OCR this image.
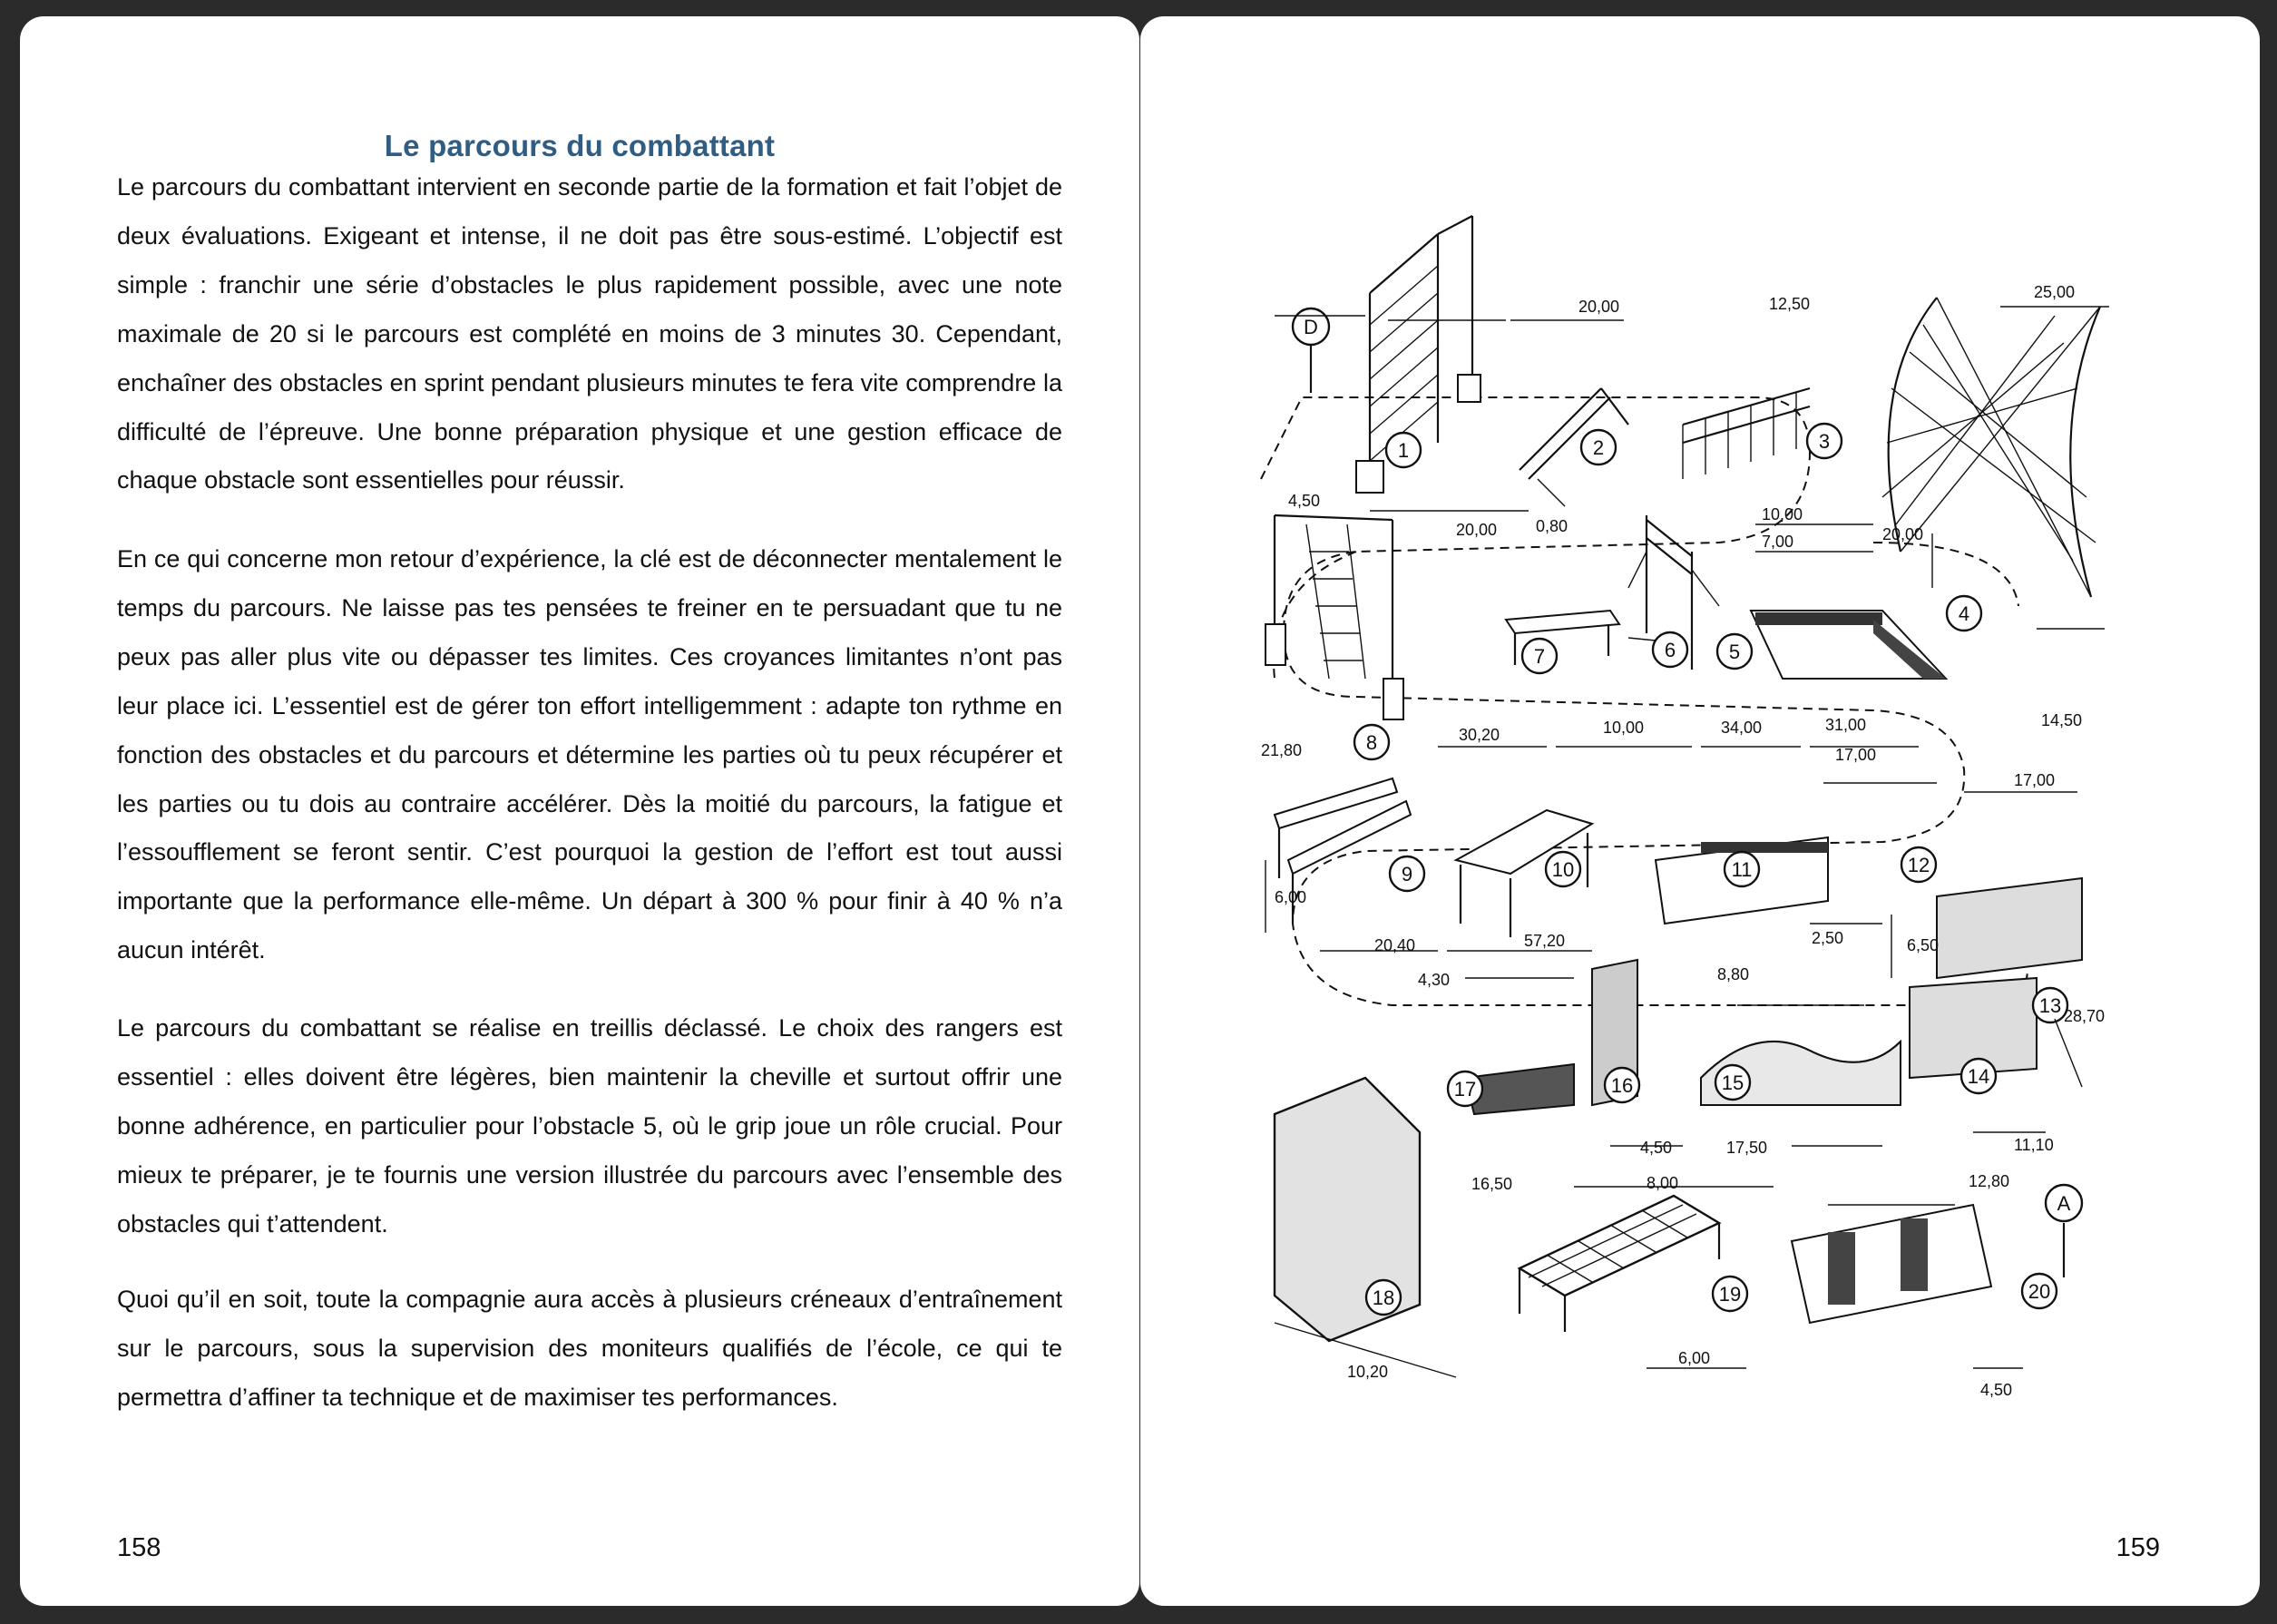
Le parcours du combattant

Le parcours du combattant intervient en seconde partie de la formation et fait l’objet de deux évaluations. Exigeant et intense, il ne doit pas être sous-estimé. L’objectif est simple : franchir une série d’obstacles le plus rapidement possible, avec une note maximale de 20 si le parcours est complété en moins de 3 minutes 30. Cependant, enchaîner des obstacles en sprint pendant plusieurs minutes te fera vite comprendre la difficulté de l’épreuve. Une bonne préparation physique et une gestion efficace de chaque obstacle sont essentielles pour réussir.

En ce qui concerne mon retour d’expérience, la clé est de déconnecter mentalement le temps du parcours. Ne laisse pas tes pensées te freiner en te persuadant que tu ne peux pas aller plus vite ou dépasser tes limites. Ces croyances limitantes n’ont pas leur place ici. L’essentiel est de gérer ton effort intelligemment : adapte ton rythme en fonction des obstacles et du parcours et détermine les parties où tu peux récupérer et les parties ou tu dois au contraire accélérer. Dès la moitié du parcours, la fatigue et l’essoufflement se feront sentir. C’est pourquoi la gestion de l’effort est tout aussi importante que la performance elle-même. Un départ à 300 % pour finir à 40 % n’a aucun intérêt.

Le parcours du combattant se réalise en treillis déclassé. Le choix des rangers est essentiel : elles doivent être légères, bien maintenir la cheville et surtout offrir une bonne adhérence, en particulier pour l’obstacle 5, où le grip joue un rôle crucial. Pour mieux te préparer, je te fournis une version illustrée du parcours avec l’ensemble des obstacles qui t’attendent.

Quoi qu’il en soit, toute la compagnie aura accès à plusieurs créneaux d’entraînement sur le parcours, sous la supervision des moniteurs qualifiés de l’école, ce qui te permettra d’affiner ta technique et de maximiser tes performances.

158
D
A
1	2	3
4
5
6
7
8
9	10	11	12
13
14
15
16
17
18	19	20
4,50
20,00 0,80
20,00	12,50
25,00
10,00
7,00	20,00
14,50
31,00
34,00
10,00
30,20
21,80	17,00
17,00
6,00
20,40	57,20	2,50	6,50
28,70
4,30	8,80
11,10
17,50
4,50
16,50	8,00	12,80
10,20
6,00
4,50
159
